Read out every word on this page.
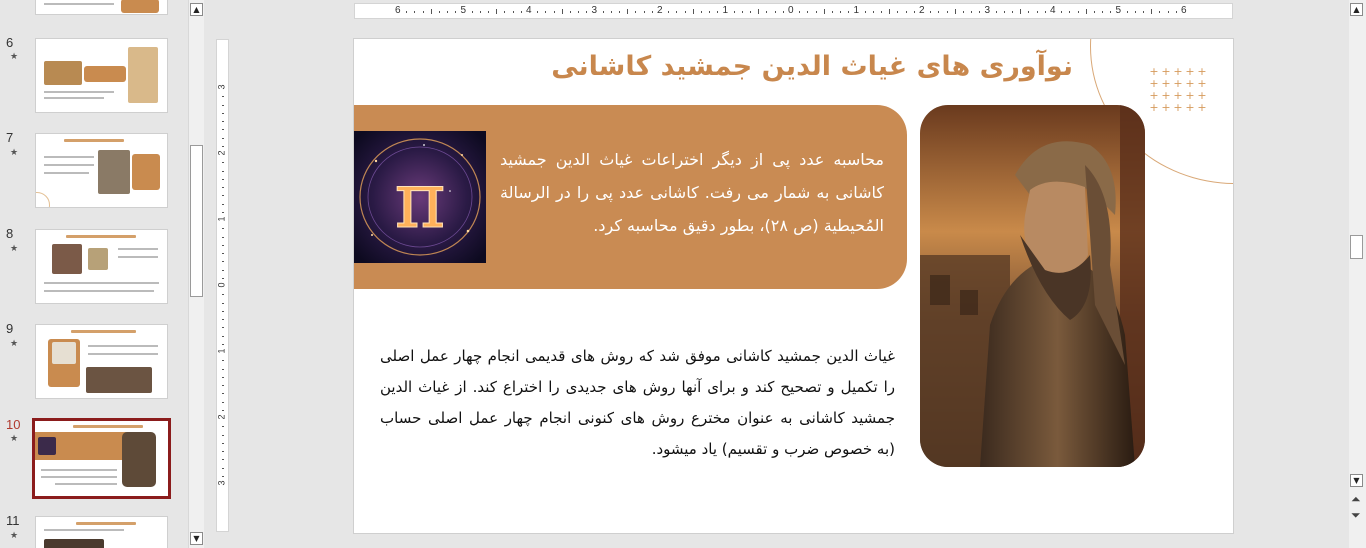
6
★
7
★
8
★
9
★
10
★
11
★
▲
▼
6	5	4	3	2	1	0	1	2	3	4	5	6
3
2
1
0
1
2
3
+ + + + +
+ + + + +
+ + + + +
+ + + + +
نوآوری های غیاث الدین جمشید کاشانی
π	محاسبه عدد پی از دیگر اختراعات غیاث الدین جمشید کاشانی به شمار می رفت. کاشانی عدد پی را در الرسالة المُحیطیة (ص ۲۸)، بطور دقیق محاسبه کرد.
غیاث الدین جمشید کاشانی موفق شد که روش های قدیمی انجام چهار عمل اصلی را تکمیل و تصحیح کند و برای آنها روش های جدیدی را اختراع کند. از غیاث الدین جمشید کاشانی به عنوان مخترع روش های کنونی انجام چهار عمل اصلی حساب (به خصوص ضرب و تقسیم) یاد میشود.
▲
▼
⏶
⏷
